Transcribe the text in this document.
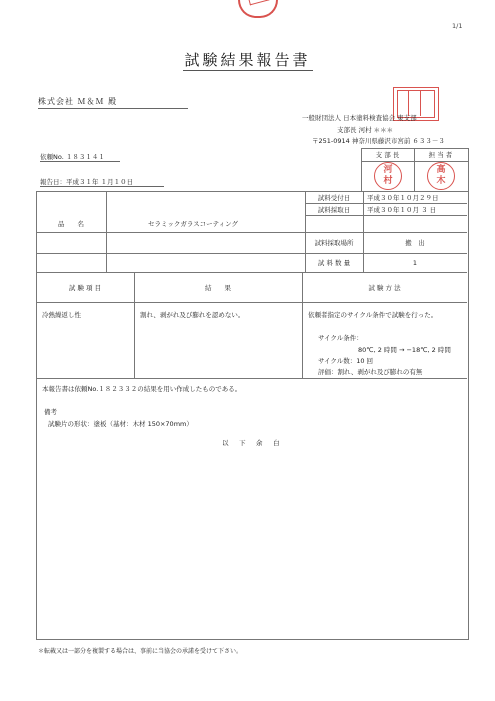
1/1
試験結果報告書
株式会社 Ｍ＆Ｍ 殿
一般財団法人 日本塗料検査協会 東支部
支部長 河村 ＊＊＊
〒251-0914 神奈川県藤沢市宮前 ６３３－３
依頼No. １８３１４１
報告日：平成３１年 １月１０日
支 部 長	担 当 者
河
村
高
木
品　　名	セラミックガラスコーティング
試料受付日	平成３０年１０月２９日
試料採取日	平成３０年１０月 ３ 日
試料採取場所	搬　出
試 料 数 量	1
試 験 項 目	結　　果	試 験 方 法
冷熱繰返し性	割れ、剥がれ及び膨れを認めない。	依頼者指定のサイクル条件で試験を行った。
サイクル条件：
80℃, 2 時間 → −18℃, 2 時間
サイクル数：10 回
評価：割れ、剥がれ及び膨れの有無
本報告書は依頼No.１８２３３２の結果を用い作成したものである。
備考
試験片の形状：塗板（基材：木材 150×70mm）
以　下　余　白
＊転載又は一部分を複製する場合は、事前に当協会の承諾を受けて下さい。
